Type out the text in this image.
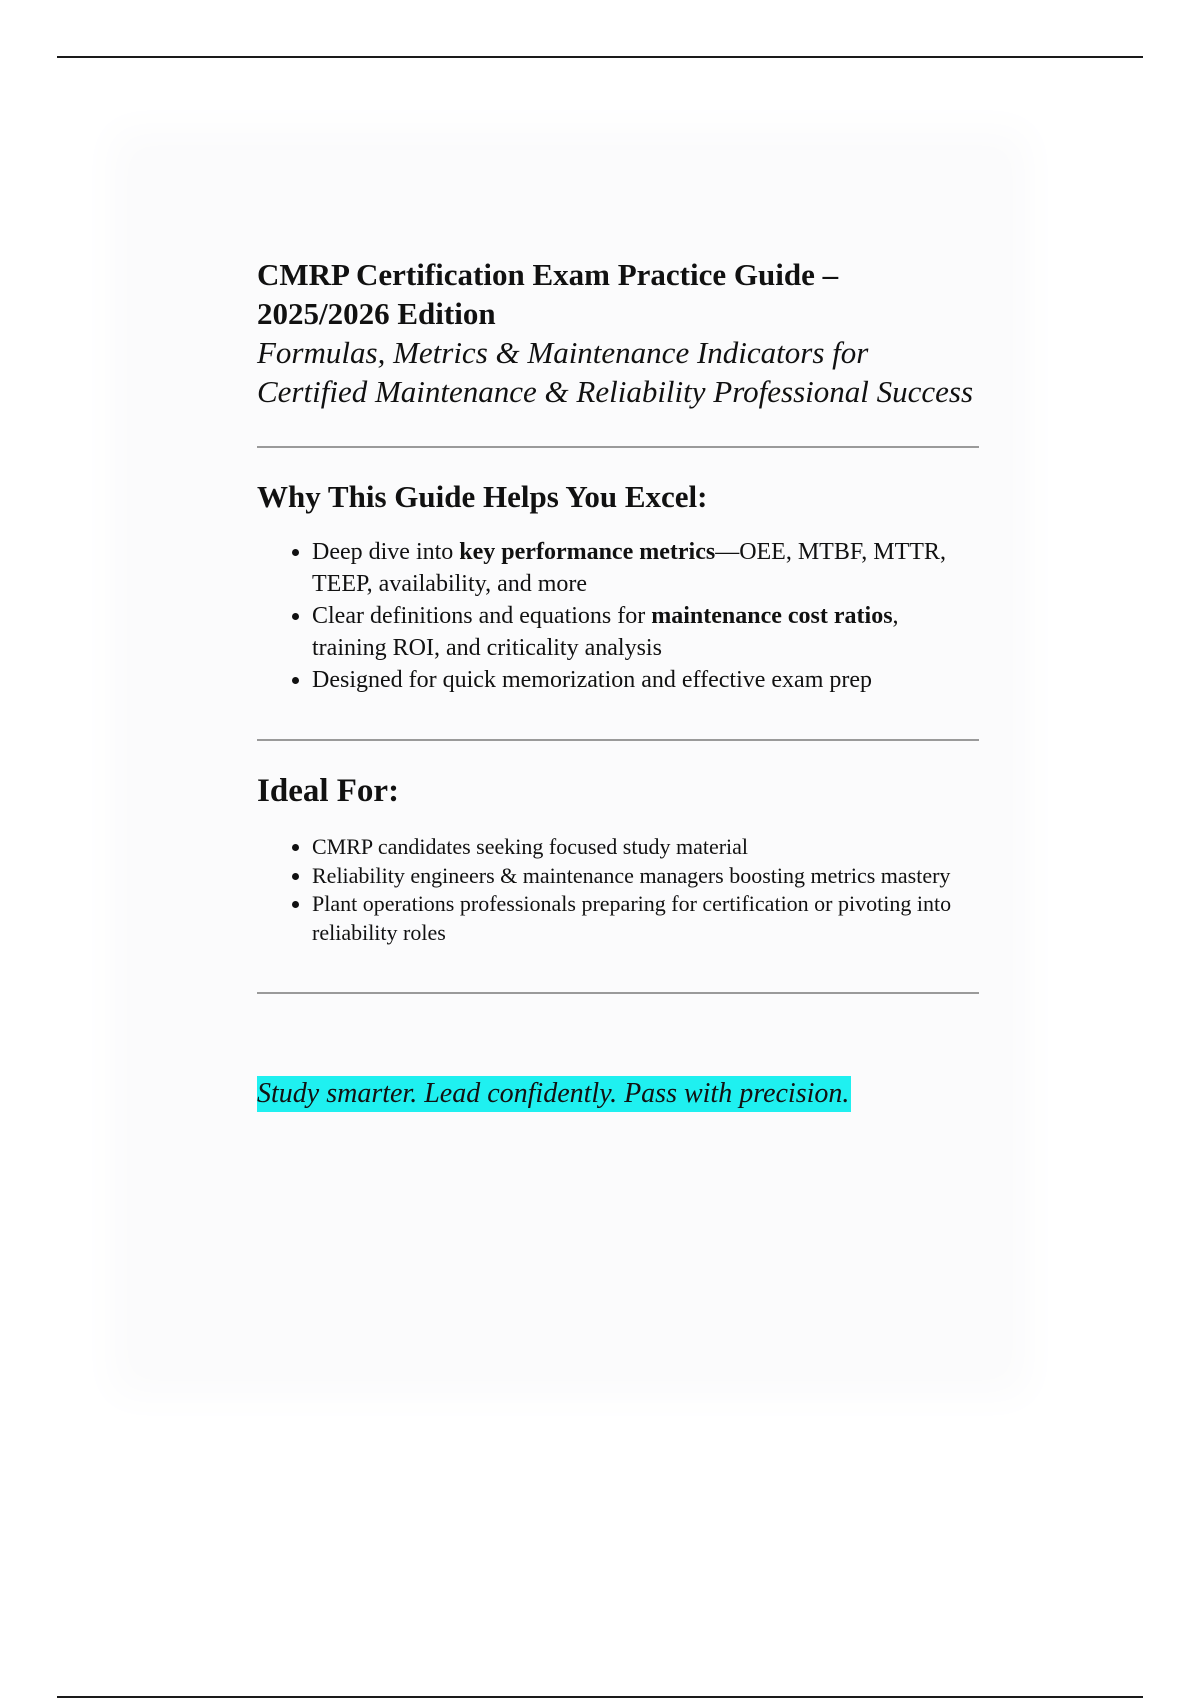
CMRP Certification Exam Practice Guide –
2025/2026 Edition

Formulas, Metrics & Maintenance Indicators for Certified Maintenance & Reliability Professional Success

Why This Guide Helps You Excel:
• Deep dive into key performance metrics—OEE, MTBF, MTTR, TEEP, availability, and more
• Clear definitions and equations for maintenance cost ratios, training ROI, and criticality analysis
• Designed for quick memorization and effective exam prep
Ideal For:
• CMRP candidates seeking focused study material
• Reliability engineers & maintenance managers boosting metrics mastery
• Plant operations professionals preparing for certification or pivoting into reliability roles
Study smarter. Lead confidently. Pass with precision.
